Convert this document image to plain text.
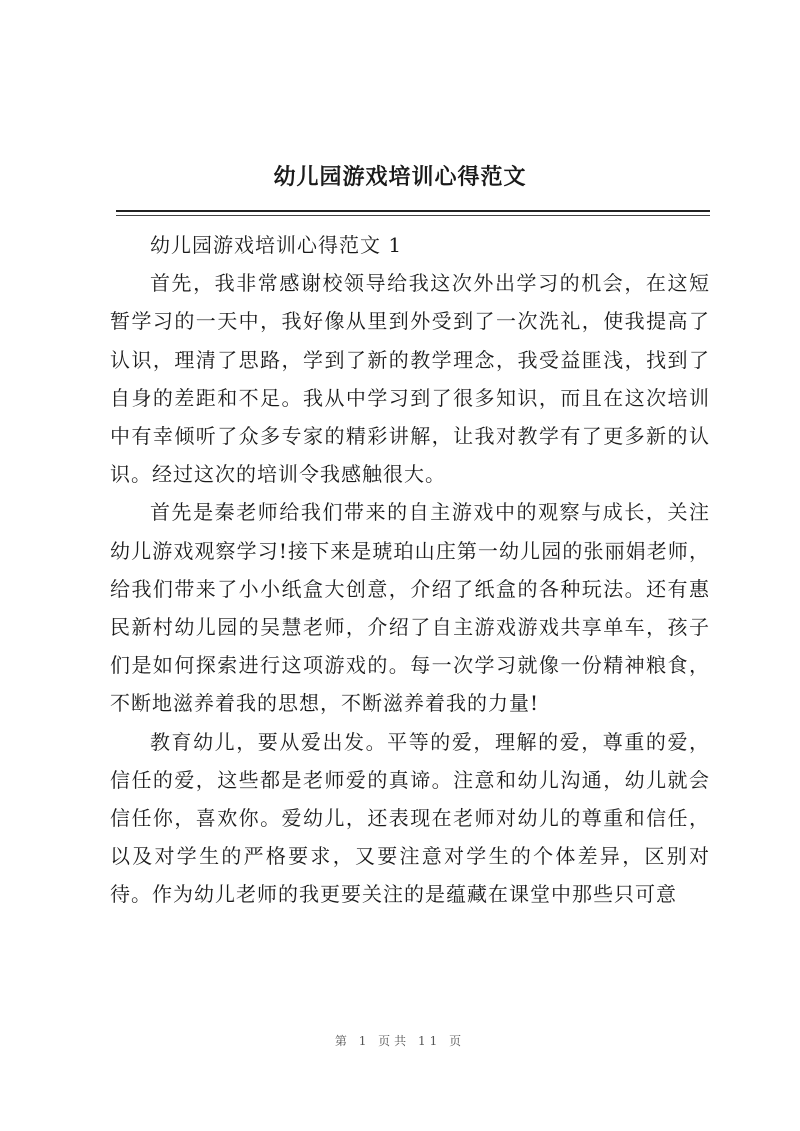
幼儿园游戏培训心得范文

幼儿园游戏培训心得范文 1

首先，我非常感谢校领导给我这次外出学习的机会，在这短暂学习的一天中，我好像从里到外受到了一次洗礼，使我提高了认识，理清了思路，学到了新的教学理念，我受益匪浅，找到了自身的差距和不足。我从中学习到了很多知识，而且在这次培训中有幸倾听了众多专家的精彩讲解，让我对教学有了更多新的认识。经过这次的培训令我感触很大。

首先是秦老师给我们带来的自主游戏中的观察与成长，关注幼儿游戏观察学习!接下来是琥珀山庄第一幼儿园的张丽娟老师，给我们带来了小小纸盒大创意，介绍了纸盒的各种玩法。还有惠民新村幼儿园的吴慧老师，介绍了自主游戏游戏共享单车，孩子们是如何探索进行这项游戏的。每一次学习就像一份精神粮食，不断地滋养着我的思想，不断滋养着我的力量!

教育幼儿，要从爱出发。平等的爱，理解的爱，尊重的爱，信任的爱，这些都是老师爱的真谛。注意和幼儿沟通，幼儿就会信任你，喜欢你。爱幼儿，还表现在老师对幼儿的尊重和信任，以及对学生的严格要求，又要注意对学生的个体差异，区别对待。作为幼儿老师的我更要关注的是蕴藏在课堂中那些只可意

第 1 页共 11 页
